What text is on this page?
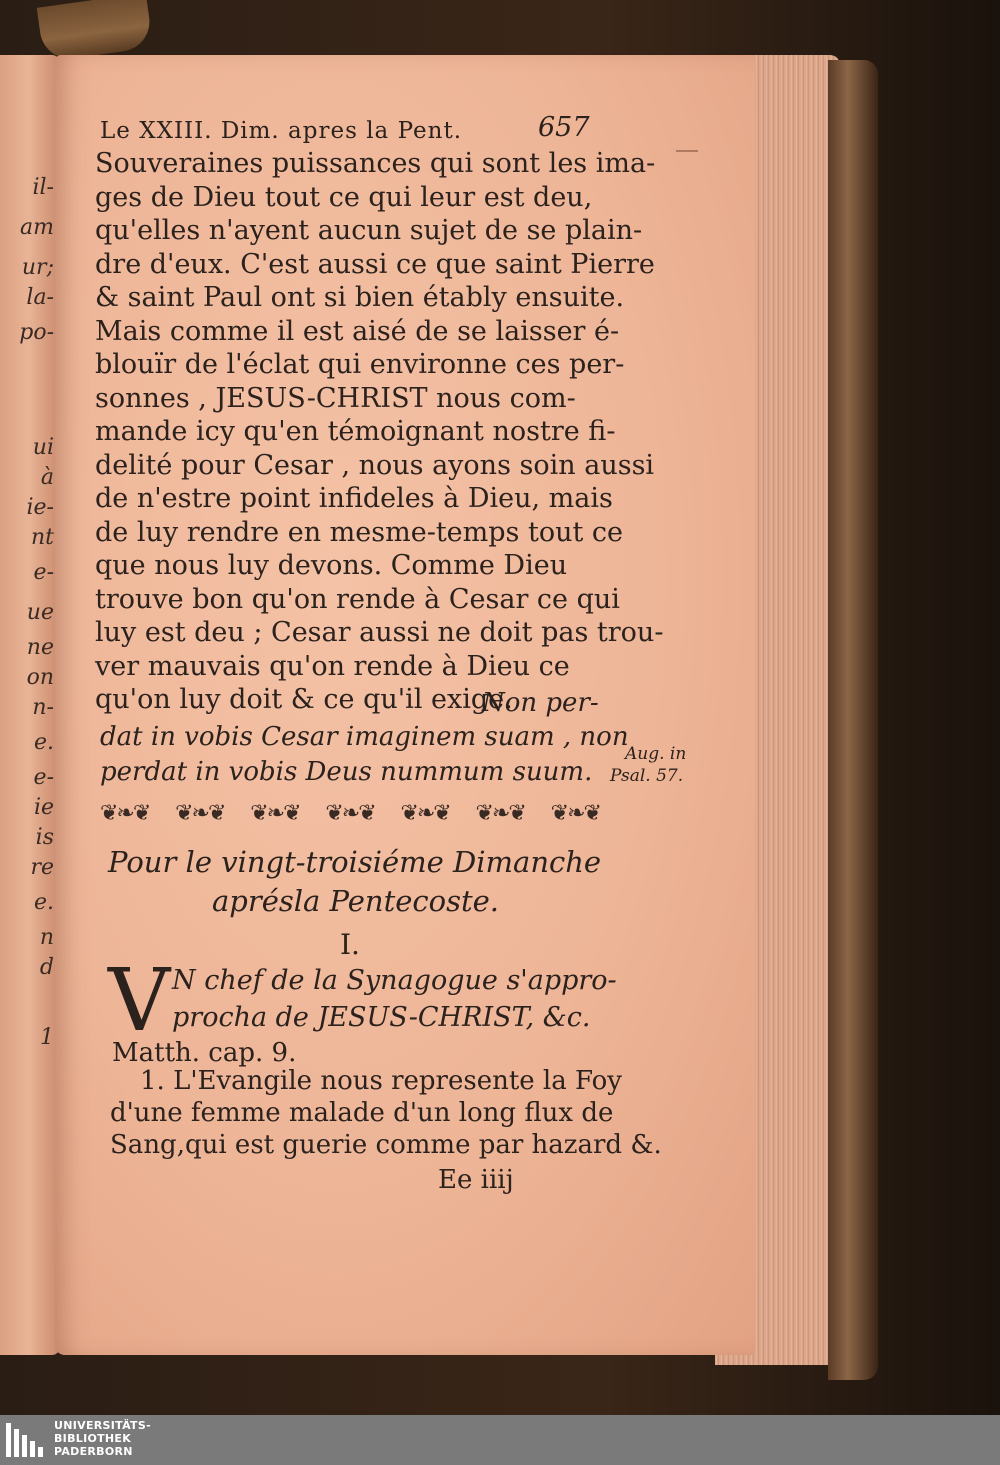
il-
am
ur;
la-
po-
ui
à
ie-
nt
e-
ue
ne
on
n-
e.
e-
ie
is
re
e.
n
d
1
Le XXIII. Dim. apres la Pent.	657
Souveraines puissances qui sont les ima-
ges de Dieu tout ce qui leur est deu,
qu'elles n'ayent aucun sujet de se plain-
dre d'eux. C'est aussi ce que saint Pierre
& saint Paul ont si bien étably ensuite.
Mais comme il est aisé de se laisser é-
blouïr de l'éclat qui environne ces per-
sonnes , JESUS-CHRIST nous com-
mande icy qu'en témoignant nostre fi-
delité pour Cesar , nous ayons soin aussi
de n'estre point infideles à Dieu, mais
de luy rendre en mesme-temps tout ce
que nous luy devons. Comme Dieu
trouve bon qu'on rende à Cesar ce qui
luy est deu ; Cesar aussi ne doit pas trou-
ver mauvais qu'on rende à Dieu ce
qu'on luy doit & ce qu'il exige.
Non per-
dat in vobis Cesar imaginem suam , non
perdat in vobis Deus nummum suum.
Aug. in
Psal. 57.
❦❧❦ ❦❧❦ ❦❧❦ ❦❧❦ ❦❧❦ ❦❧❦ ❦❧❦
Pour le vingt-troisiéme Dimanche
aprésla Pentecoste.
I.
V N chef de la Synagogue s'appro-
procha de JESUS-CHRIST, &c.
Matth. cap. 9.
1. L'Evangile nous represente la Foy
d'une femme malade d'un long flux de
Sang,qui est guerie comme par hazard &.
Ee iiij
UNIVERSITÄTS-
BIBLIOTHEK
PADERBORN
